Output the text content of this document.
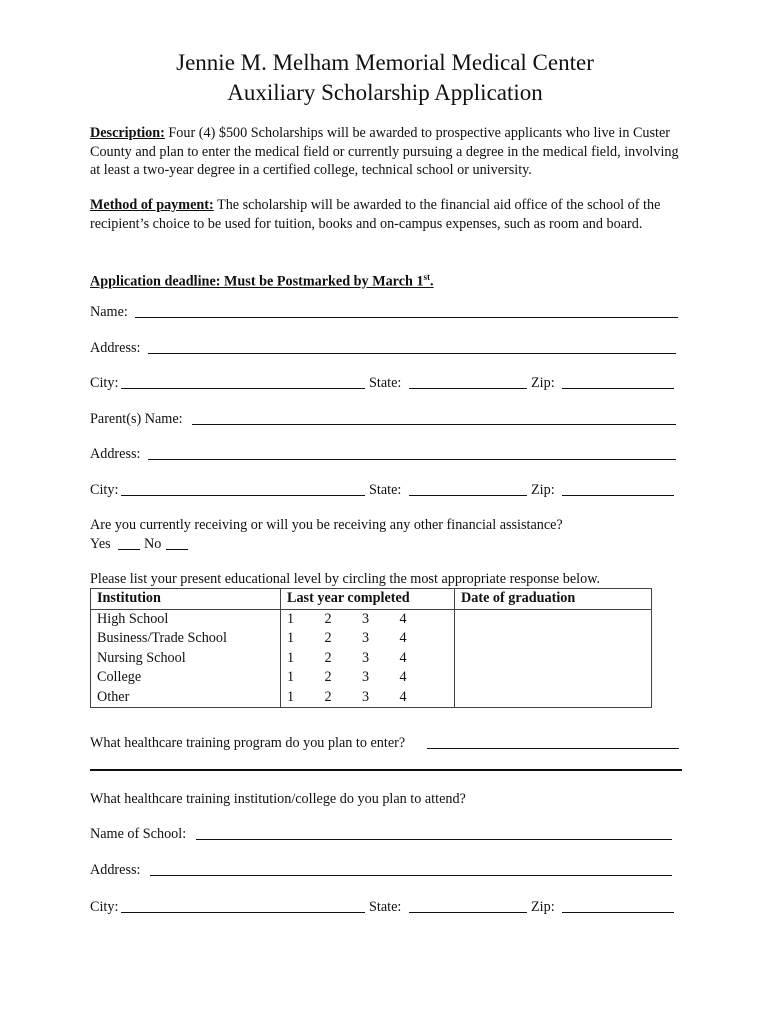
Jennie M. Melham Memorial Medical Center
Auxiliary Scholarship Application
Description: Four (4) $500 Scholarships will be awarded to prospective applicants who live in Custer County and plan to enter the medical field or currently pursuing a degree in the medical field, involving at least a two-year degree in a certified college, technical school or university.
Method of payment: The scholarship will be awarded to the financial aid office of the school of the recipient’s choice to be used for tuition, books and on-campus expenses, such as room and board.
Application deadline: Must be Postmarked by March 1st.
Name:
Address:
City:	State:	Zip:
Parent(s) Name:
Address:
City:	State:	Zip:
Are you currently receiving or will you be receiving any other financial assistance?
Yes No
Please list your present educational level by circling the most appropriate response below.
Institution	Last year completed	Date of graduation
High School	1 2 3 4	

Business/Trade School	1 2 3 4	

Nursing School	1 2 3 4	

College	1 2 3 4	

Other	1 2 3 4	

What healthcare training program do you plan to enter?
What healthcare training institution/college do you plan to attend?
Name of School:
Address:
City:	State:	Zip:
